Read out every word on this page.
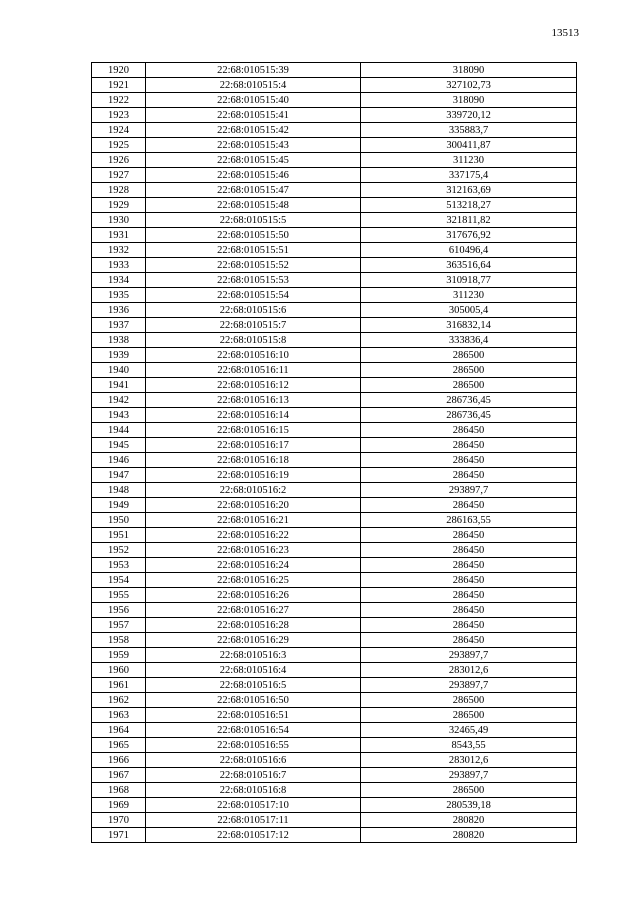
13513
1920	22:68:010515:39	318090
1921	22:68:010515:4	327102,73
1922	22:68:010515:40	318090
1923	22:68:010515:41	339720,12
1924	22:68:010515:42	335883,7
1925	22:68:010515:43	300411,87
1926	22:68:010515:45	311230
1927	22:68:010515:46	337175,4
1928	22:68:010515:47	312163,69
1929	22:68:010515:48	513218,27
1930	22:68:010515:5	321811,82
1931	22:68:010515:50	317676,92
1932	22:68:010515:51	610496,4
1933	22:68:010515:52	363516,64
1934	22:68:010515:53	310918,77
1935	22:68:010515:54	311230
1936	22:68:010515:6	305005,4
1937	22:68:010515:7	316832,14
1938	22:68:010515:8	333836,4
1939	22:68:010516:10	286500
1940	22:68:010516:11	286500
1941	22:68:010516:12	286500
1942	22:68:010516:13	286736,45
1943	22:68:010516:14	286736,45
1944	22:68:010516:15	286450
1945	22:68:010516:17	286450
1946	22:68:010516:18	286450
1947	22:68:010516:19	286450
1948	22:68:010516:2	293897,7
1949	22:68:010516:20	286450
1950	22:68:010516:21	286163,55
1951	22:68:010516:22	286450
1952	22:68:010516:23	286450
1953	22:68:010516:24	286450
1954	22:68:010516:25	286450
1955	22:68:010516:26	286450
1956	22:68:010516:27	286450
1957	22:68:010516:28	286450
1958	22:68:010516:29	286450
1959	22:68:010516:3	293897,7
1960	22:68:010516:4	283012,6
1961	22:68:010516:5	293897,7
1962	22:68:010516:50	286500
1963	22:68:010516:51	286500
1964	22:68:010516:54	32465,49
1965	22:68:010516:55	8543,55
1966	22:68:010516:6	283012,6
1967	22:68:010516:7	293897,7
1968	22:68:010516:8	286500
1969	22:68:010517:10	280539,18
1970	22:68:010517:11	280820
1971	22:68:010517:12	280820
